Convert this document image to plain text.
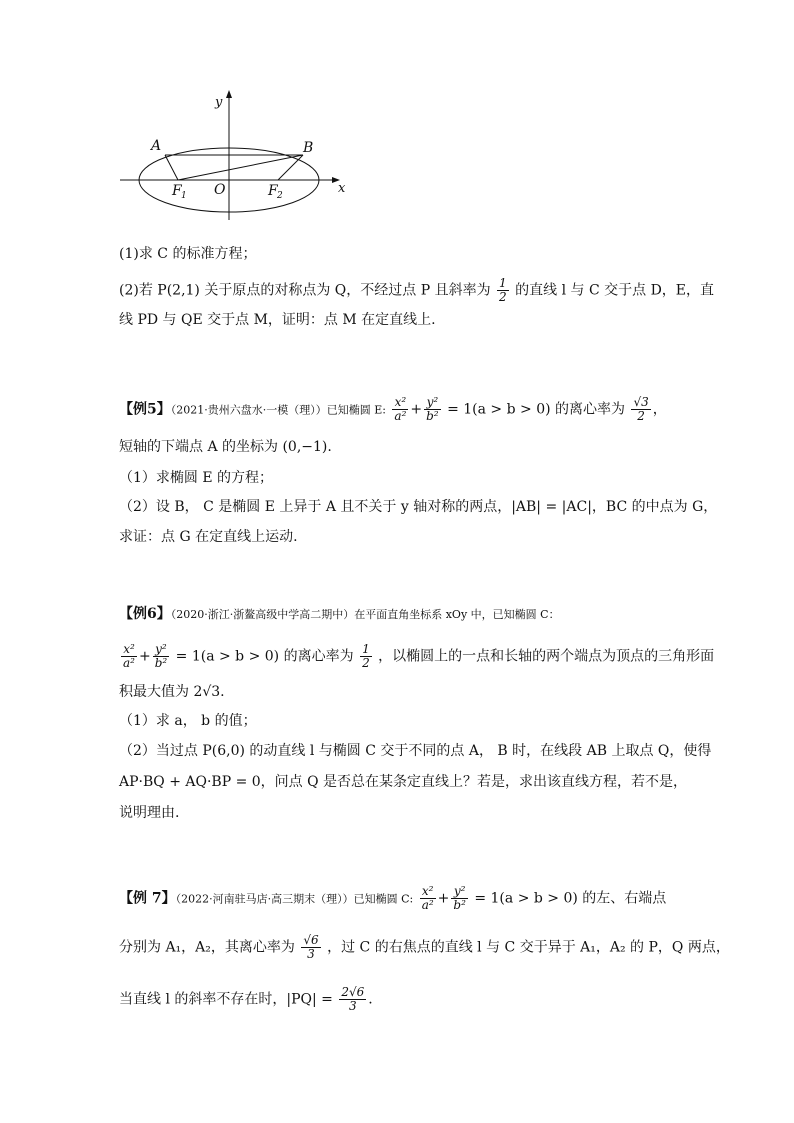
y
x
A	B
O
F 1	F 2
(1)求 C 的标准方程；
(2)若 P(2,1) 关于原点的对称点为 Q，不经过点 P 且斜率为 $\frac{1}{2}$ 的直线 l 与 C 交于点 D，E，直
线 PD 与 QE 交于点 M，证明：点 M 在定直线上.
【例5】（2021·贵州六盘水·一模（理））已知椭圆 E: $\frac{\text{x²}}{\text{a²}} + \frac{\text{y²}}{\text{b²}} = 1(a > b > 0)$ 的离心率为 $\frac{√3}{2}$ ，
短轴的下端点 A 的坐标为 (0,−1).
（1）求椭圆 E 的方程；
（2）设 B， C 是椭圆 E 上异于 A 且不关于 y 轴对称的两点，|AB| = |AC|，BC 的中点为 G，
求证：点 G 在定直线上运动.
【例6】（2020·浙江·浙鳌高级中学高二期中）在平面直角坐标系 xOy 中，已知椭圆 C：
$\frac{\text{x²}}{\text{a²}} + \frac{\text{y²}}{\text{b²}} = 1(a > b > 0)$ 的离心率为 $\frac{1}{2}$ ，以椭圆上的一点和长轴的两个端点为顶点的三角形面
积最大值为 2√3.
（1）求 a， b 的值；
（2）当过点 P(6,0) 的动直线 l 与椭圆 C 交于不同的点 A， B 时，在线段 AB 上取点 Q，使得
AP·BQ + AQ·BP = 0，问点 Q 是否总在某条定直线上？若是，求出该直线方程，若不是，
说明理由.
【例 7】（2022·河南驻马店·高三期末（理））已知椭圆 C: $\frac{\text{x²}}{\text{a²}} + \frac{\text{y²}}{\text{b²}} = 1(a > b > 0)$ 的左、右端点
分别为 A₁，A₂，其离心率为 $\frac{√6}{3}$ ，过 C 的右焦点的直线 l 与 C 交于异于 A₁，A₂ 的 P，Q 两点，
当直线 l 的斜率不存在时，$|PQ| = \frac{2√6}{3}$ .
